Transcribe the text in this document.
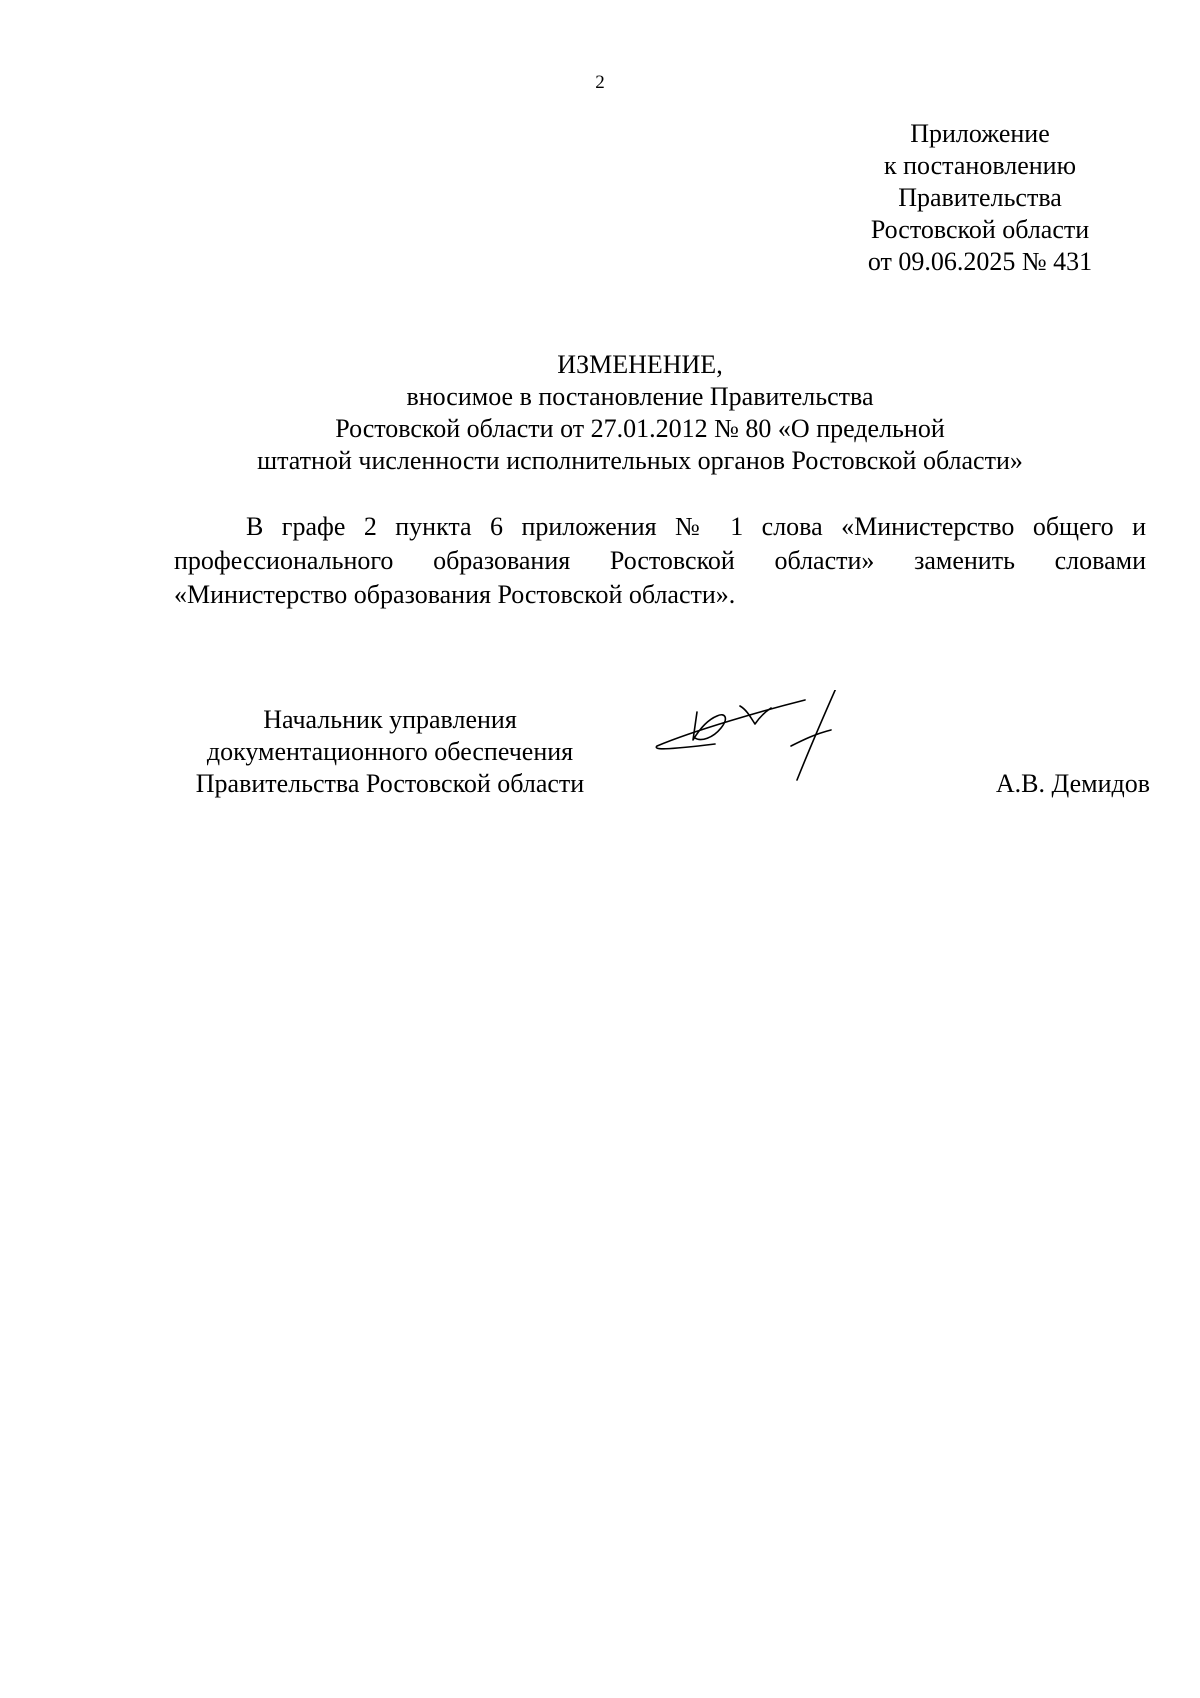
2
Приложение
к постановлению
Правительства
Ростовской области
от 09.06.2025 № 431
ИЗМЕНЕНИЕ,
вносимое в постановление Правительства
Ростовской области от 27.01.2012 № 80 «О предельной
штатной численности исполнительных органов Ростовской области»

В графе 2 пункта 6 приложения № 1 слова «Министерство общего и профессионального образования Ростовской области» заменить словами «Министерство образования Ростовской области».

Начальник управления
документационного обеспечения
Правительства Ростовской области	А.В. Демидов
